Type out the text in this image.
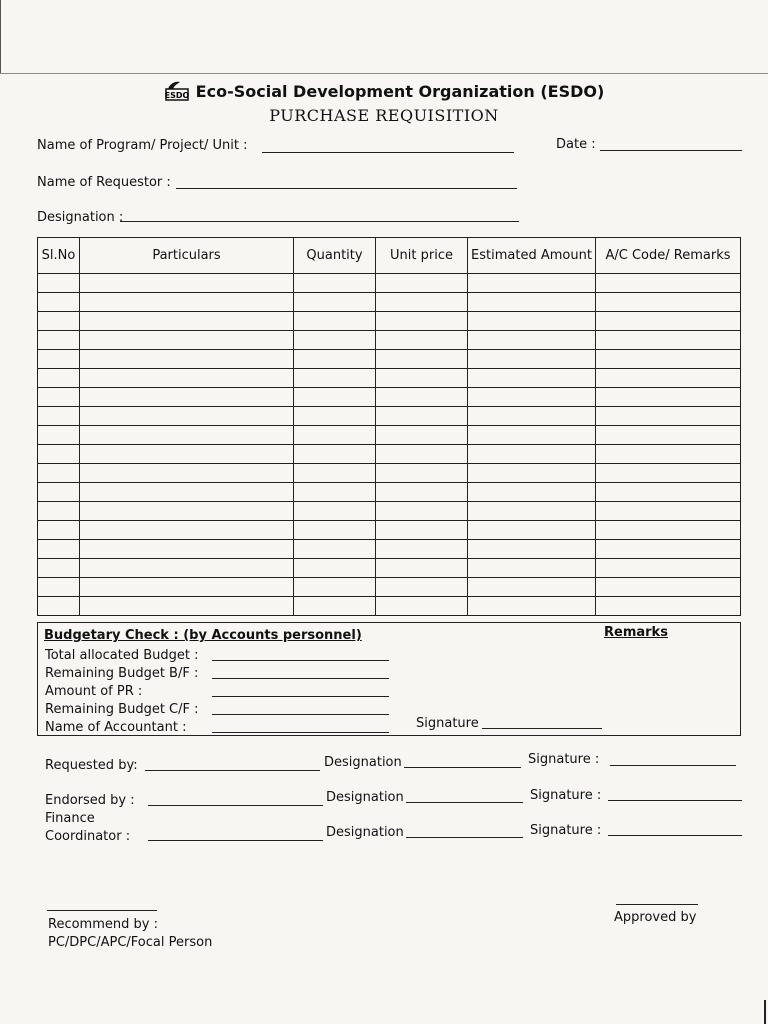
ESDO Eco-Social Development Organization (ESDO)
PURCHASE REQUISITION
Name of Program/ Project/ Unit :	Date :
Name of Requestor :
Designation :
Sl.No	Particulars	Quantity	Unit price	Estimated Amount	A/C Code/ Remarks

Budgetary Check : (by Accounts personnel)	Remarks
Total allocated Budget :
Remaining Budget B/F :
Amount of PR :
Remaining Budget C/F :
Name of Accountant :	Signature
Requested by:	Designation	Signature :
Endorsed by :	Designation	Signature :
Finance
Coordinator :	Designation	Signature :
Recommend by :
PC/DPC/APC/Focal Person
Approved by
